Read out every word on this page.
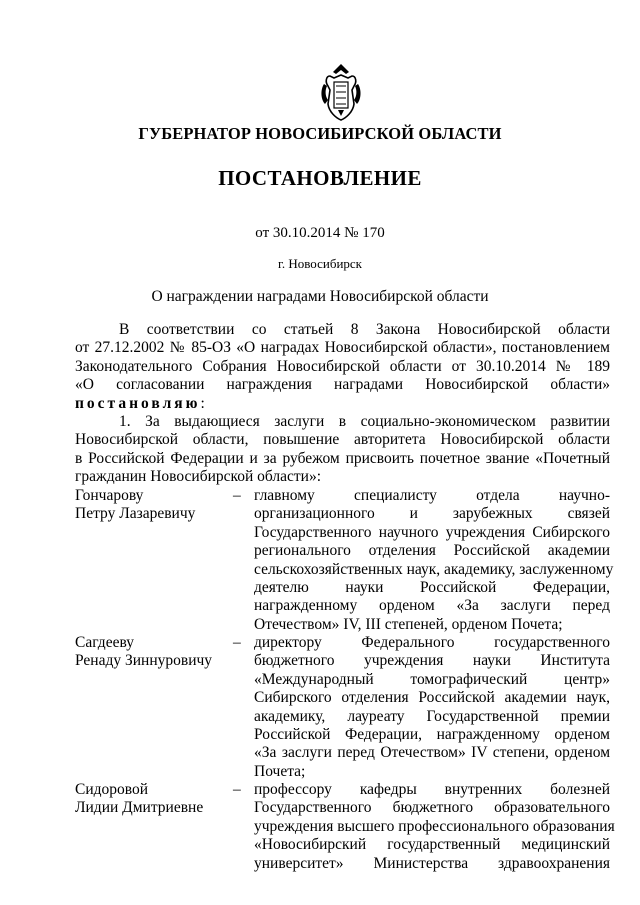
ГУБЕРНАТОР НОВОСИБИРСКОЙ ОБЛАСТИ
ПОСТАНОВЛЕНИЕ
от 30.10.2014 № 170
г. Новосибирск
О награждении наградами Новосибирской области
В соответствии со статьей 8 Закона Новосибирской области
от 27.12.2002 № 85-ОЗ «О наградах Новосибирской области», постановлением
Законодательного Собрания Новосибирской области от 30.10.2014 № 189
«О согласовании награждения наградами Новосибирской области»
постановляю:
1. За выдающиеся заслуги в социально-экономическом развитии
Новосибирской области, повышение авторитета Новосибирской области
в Российской Федерации и за рубежом присвоить почетное звание «Почетный
гражданин Новосибирской области»:
Гончарову
Петру Лазаревичу
– главному специалисту отдела научно-
организационного и зарубежных связей
Государственного научного учреждения Сибирского
регионального отделения Российской академии
сельскохозяйственных наук, академику, заслуженному
деятелю науки Российской Федерации,
награжденному орденом «За заслуги перед
Отечеством» IV, III степеней, орденом Почета;
Сагдееву
Ренаду Зиннуровичу
– директору Федерального государственного
бюджетного учреждения науки Института
«Международный томографический центр»
Сибирского отделения Российской академии наук,
академику, лауреату Государственной премии
Российской Федерации, награжденному орденом
«За заслуги перед Отечеством» IV степени, орденом
Почета;
Сидоровой
Лидии Дмитриевне
– профессору кафедры внутренних болезней
Государственного бюджетного образовательного
учреждения высшего профессионального образования
«Новосибирский государственный медицинский
университет» Министерства здравоохранения
